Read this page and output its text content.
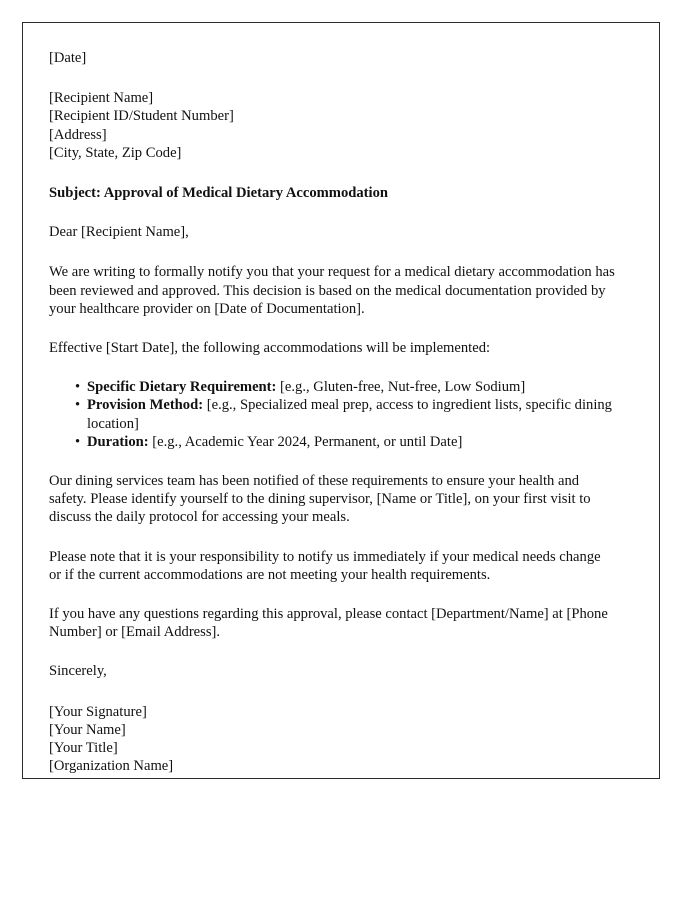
[Date]

[Recipient Name]

[Recipient ID/Student Number]

[Address]

[City, State, Zip Code]

Subject: Approval of Medical Dietary Accommodation

Dear [Recipient Name],

We are writing to formally notify you that your request for a medical dietary accommodation has been reviewed and approved. This decision is based on the medical documentation provided by your healthcare provider on [Date of Documentation].

Effective [Start Date], the following accommodations will be implemented:

• Specific Dietary Requirement: [e.g., Gluten-free, Nut-free, Low Sodium]
• Provision Method: [e.g., Specialized meal prep, access to ingredient lists, specific dining location]
• Duration: [e.g., Academic Year 2024, Permanent, or until Date]

Our dining services team has been notified of these requirements to ensure your health and safety. Please identify yourself to the dining supervisor, [Name or Title], on your first visit to discuss the daily protocol for accessing your meals.

Please note that it is your responsibility to notify us immediately if your medical needs change or if the current accommodations are not meeting your health requirements.

If you have any questions regarding this approval, please contact [Department/Name] at [Phone Number] or [Email Address].

Sincerely,

[Your Signature]

[Your Name]

[Your Title]

[Organization Name]
